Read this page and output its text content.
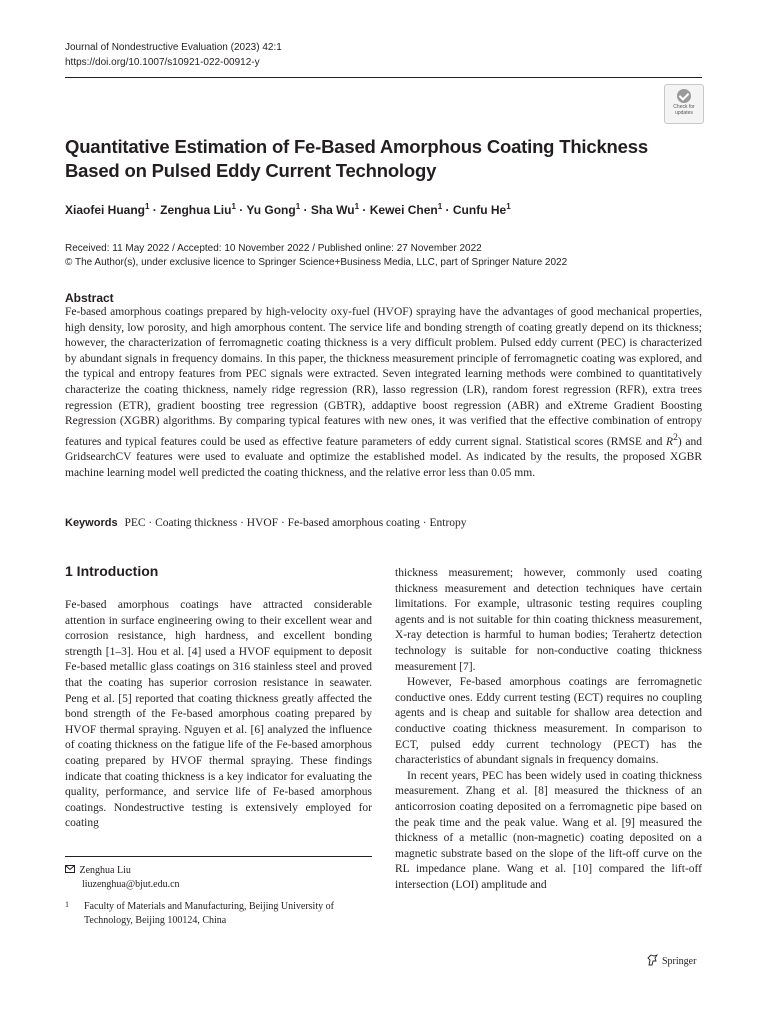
Journal of Nondestructive Evaluation (2023) 42:1
https://doi.org/10.1007/s10921-022-00912-y
Check for
updates
Quantitative Estimation of Fe-Based Amorphous Coating Thickness Based on Pulsed Eddy Current Technology
Xiaofei Huang$^1$ · Zenghua Liu$^1$ · Yu Gong$^1$ · Sha $Wu^1$ · Kewei Chen$^1$ · Cunfu He$^1$
Received: 11 May 2022 / Accepted: 10 November 2022 / Published online: 27 November 2022
© The Author(s), under exclusive licence to Springer Science+Business Media, LLC, part of Springer Nature 2022
Abstract
Fe-based amorphous coatings prepared by high-velocity oxy-fuel (HVOF) spraying have the advantages of good mechanical properties, high density, low porosity, and high amorphous content. The service life and bonding strength of coating greatly depend on its thickness; however, the characterization of ferromagnetic coating thickness is a very difficult problem. Pulsed eddy current (PEC) is characterized by abundant signals in frequency domains. In this paper, the thickness measurement principle of ferromagnetic coating was explored, and the typical and entropy features from PEC signals were extracted. Seven integrated learning methods were combined to quantitatively characterize the coating thickness, namely ridge regression (RR), lasso regression (LR), random forest regression (RFR), extra trees regression (ETR), gradient boosting tree regression (GBTR), addaptive boost regression (ABR) and eXtreme Gradient Boosting Regression (XGBR) algorithms. By comparing typical features with new ones, it was verified that the effective combination of entropy features and typical features could be used as effective feature parameters of eddy current signal. Statistical scores (RMSE and $R^2$) and GridsearchCV features were used to evaluate and optimize the established model. As indicated by the results, the proposed XGBR machine learning model well predicted the coating thickness, and the relative error less than 0.05 mm.
Keywords PEC · Coating thickness · HVOF · Fe-based amorphous coating · Entropy
1 Introduction

Fe-based amorphous coatings have attracted considerable attention in surface engineering owing to their excellent wear and corrosion resistance, high hardness, and excellent bonding strength [1–3]. Hou et al. [4] used a HVOF equipment to deposit Fe-based metallic glass coatings on 316 stainless steel and proved that the coating has superior corrosion resistance in seawater. Peng et al. [5] reported that coating thickness greatly affected the bond strength of the Fe-based amorphous coating prepared by HVOF thermal spraying. Nguyen et al. [6] analyzed the influence of coating thickness on the fatigue life of the Fe-based amorphous coating prepared by HVOF thermal spraying. These findings indicate that coating thickness is a key indicator for evaluating the quality, performance, and service life of Fe-based amorphous coatings. Nondestructive testing is extensively employed for coating

thickness measurement; however, commonly used coating thickness measurement and detection techniques have certain limitations. For example, ultrasonic testing requires coupling agents and is not suitable for thin coating thickness measurement, X-ray detection is harmful to human bodies; Terahertz detection technology is suitable for non-conductive coating thickness measurement [7].

However, Fe-based amorphous coatings are ferromagnetic conductive ones. Eddy current testing (ECT) requires no coupling agents and is cheap and suitable for shallow area detection and conductive coating thickness measurement. In comparison to ECT, pulsed eddy current technology (PECT) has the characteristics of abundant signals in frequency domains.

In recent years, PEC has been widely used in coating thickness measurement. Zhang et al. [8] measured the thickness of an anticorrosion coating deposited on a ferromagnetic pipe based on the peak time and the peak value. Wang et al. [9] measured the thickness of a metallic (non-magnetic) coating deposited on a magnetic substrate based on the slope of the lift-off curve on the RL impedance plane. Wang et al. [10] compared the lift-off intersection (LOI) amplitude and

Zenghua Liu
liuzenghua@bjut.edu.cn
1 Faculty of Materials and Manufacturing, Beijing University of Technology, Beijing 100124, China
Springer
